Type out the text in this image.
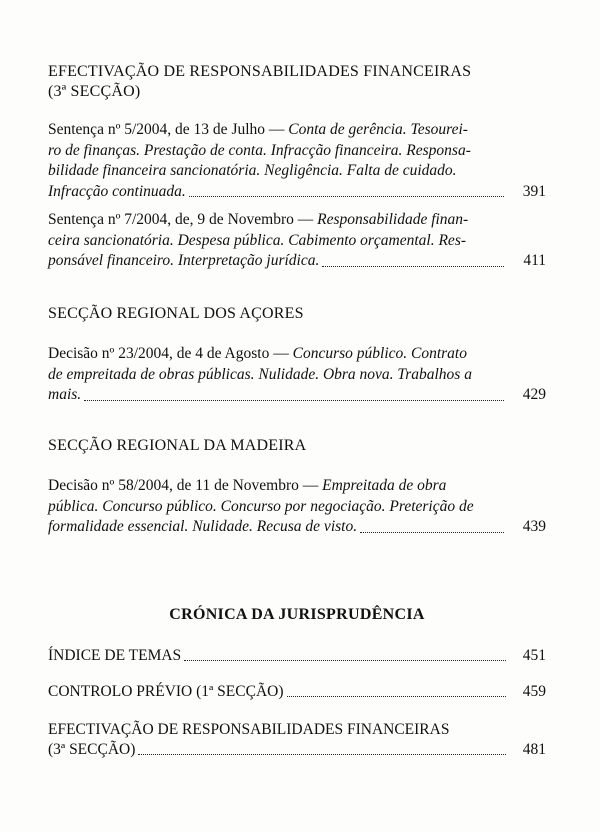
EFECTIVAÇÃO DE RESPONSABILIDADES FINANCEIRAS

(3ª SECÇÃO)

Sentença nº 5/2004, de 13 de Julho — Conta de gerência. Tesourei-
ro de finanças. Prestação de conta. Infracção financeira. Responsa-
bilidade financeira sancionatória. Negligência. Falta de cuidado.
Infracção continuada.	391
Sentença nº 7/2004, de, 9 de Novembro — Responsabilidade finan-
ceira sancionatória. Despesa pública. Cabimento orçamental. Res-
ponsável financeiro. Interpretação jurídica.	411

SECÇÃO REGIONAL DOS AÇORES

Decisão nº 23/2004, de 4 de Agosto — Concurso público. Contrato
de empreitada de obras públicas. Nulidade. Obra nova. Trabalhos a
mais.	429

SECÇÃO REGIONAL DA MADEIRA

Decisão nº 58/2004, de 11 de Novembro — Empreitada de obra
pública. Concurso público. Concurso por negociação. Preterição de
formalidade essencial. Nulidade. Recusa de visto.	439

CRÓNICA DA JURISPRUDÊNCIA

ÍNDICE DE TEMAS	451
CONTROLO PRÉVIO (1ª SECÇÃO)	459
EFECTIVAÇÃO DE RESPONSABILIDADES FINANCEIRAS
(3ª SECÇÃO)	481
